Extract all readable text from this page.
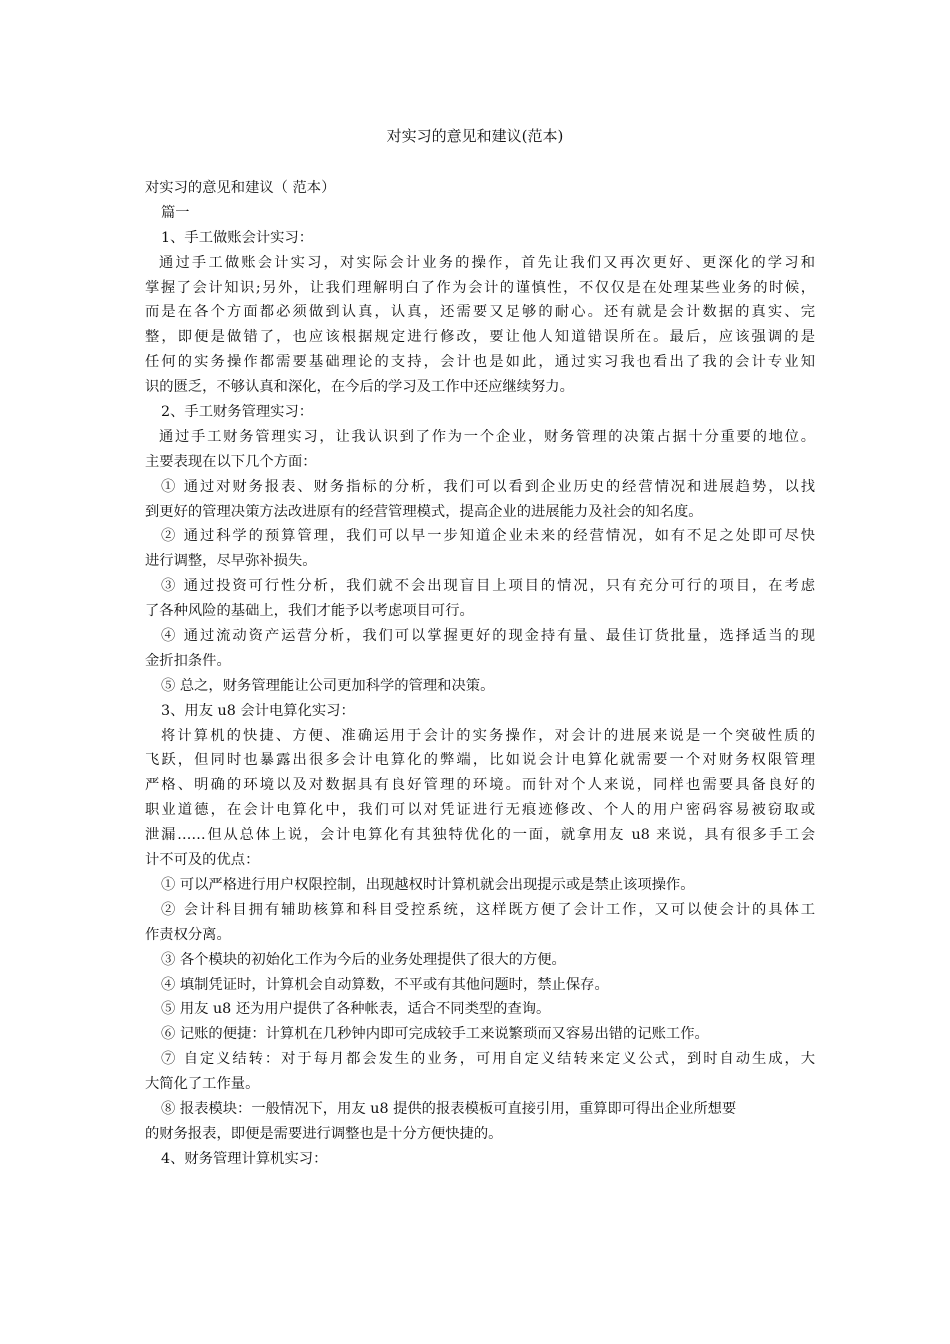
对实习的意见和建议(范本)
对实习的意见和建议（ 范本）
篇一
1、手工做账会计实习：
通过手工做账会计实习，对实际会计业务的操作，首先让我们又再次更好、更深化的学习和
掌握了会计知识;另外，让我们理解明白了作为会计的谨慎性，不仅仅是在处理某些业务的时候，
而是在各个方面都必须做到认真，认真，还需要又足够的耐心。还有就是会计数据的真实、完
整，即便是做错了，也应该根据规定进行修改，要让他人知道错误所在。最后，应该强调的是
任何的实务操作都需要基础理论的支持，会计也是如此，通过实习我也看出了我的会计专业知
识的匮乏，不够认真和深化，在今后的学习及工作中还应继续努力。
2、手工财务管理实习：
通过手工财务管理实习，让我认识到了作为一个企业，财务管理的决策占据十分重要的地位。
主要表现在以下几个方面：
① 通过对财务报表、财务指标的分析，我们可以看到企业历史的经营情况和进展趋势，以找
到更好的管理决策方法改进原有的经营管理模式，提高企业的进展能力及社会的知名度。
② 通过科学的预算管理，我们可以早一步知道企业未来的经营情况，如有不足之处即可尽快
进行调整，尽早弥补损失。
③ 通过投资可行性分析，我们就不会出现盲目上项目的情况，只有充分可行的项目，在考虑
了各种风险的基础上，我们才能予以考虑项目可行。
④ 通过流动资产运营分析，我们可以掌握更好的现金持有量、最佳订货批量，选择适当的现
金折扣条件。
⑤ 总之，财务管理能让公司更加科学的管理和决策。
3、用友 u8 会计电算化实习：
将计算机的快捷、方便、准确运用于会计的实务操作，对会计的进展来说是一个突破性质的
飞跃，但同时也暴露出很多会计电算化的弊端，比如说会计电算化就需要一个对财务权限管理
严格、明确的环境以及对数据具有良好管理的环境。而针对个人来说，同样也需要具备良好的
职业道德，在会计电算化中，我们可以对凭证进行无痕迹修改、个人的用户密码容易被窃取或
泄漏……但从总体上说，会计电算化有其独特优化的一面，就拿用友 u8 来说，具有很多手工会
计不可及的优点：
① 可以严格进行用户权限控制，出现越权时计算机就会出现提示或是禁止该项操作。
② 会计科目拥有辅助核算和科目受控系统，这样既方便了会计工作，又可以使会计的具体工
作责权分离。
③ 各个模块的初始化工作为今后的业务处理提供了很大的方便。
④ 填制凭证时，计算机会自动算数，不平或有其他问题时，禁止保存。
⑤ 用友 u8 还为用户提供了各种帐表，适合不同类型的查询。
⑥ 记账的便捷：计算机在几秒钟内即可完成较手工来说繁琐而又容易出错的记账工作。
⑦ 自定义结转：对于每月都会发生的业务，可用自定义结转来定义公式，到时自动生成，大
大简化了工作量。
⑧ 报表模块：一般情况下，用友 u8 提供的报表模板可直接引用，重算即可得出企业所想要
的财务报表，即便是需要进行调整也是十分方便快捷的。
4、财务管理计算机实习：
